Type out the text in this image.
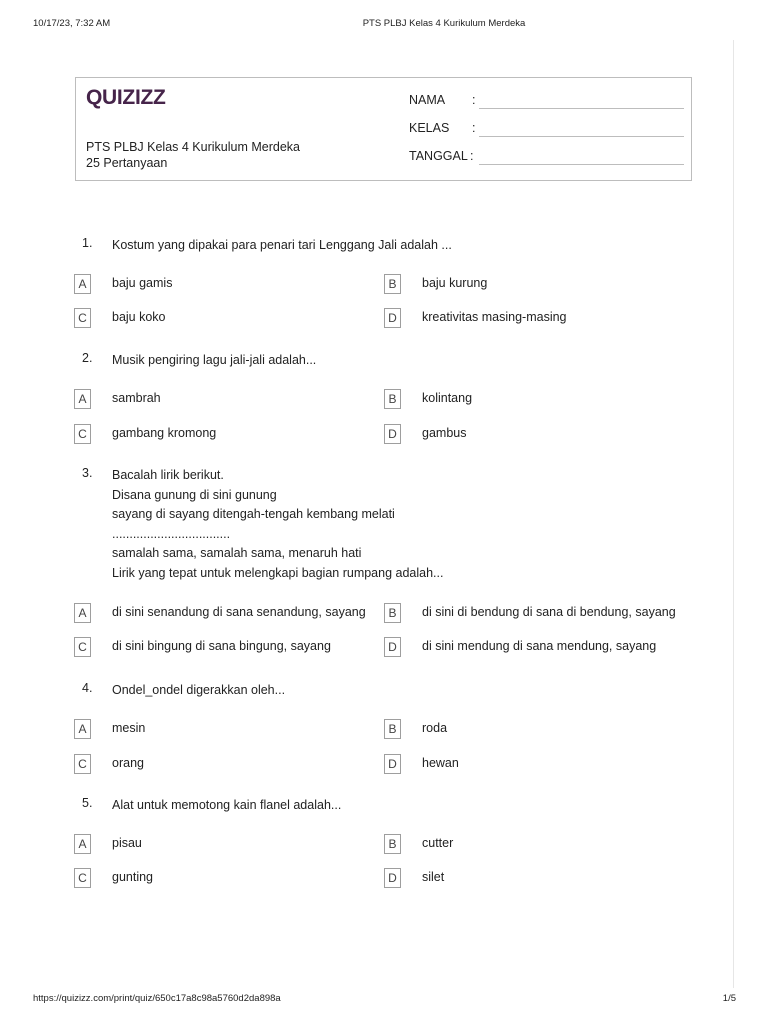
10/17/23, 7:32 AM	PTS PLBJ Kelas 4 Kurikulum Merdeka
QUIZIZZ
PTS PLBJ Kelas 4 Kurikulum Merdeka
25 Pertanyaan
NAMA :
KELAS :
TANGGAL :
1. Kostum yang dipakai para penari tari Lenggang Jali adalah ...
A	baju gamis	B	baju kurung
C	baju koko	D	kreativitas masing-masing
2. Musik pengiring lagu jali-jali adalah...
A	sambrah	B	kolintang
C	gambang kromong	D	gambus
3. Bacalah lirik berikut.
Disana gunung di sini gunung
sayang di sayang ditengah-tengah kembang melati
..................................
samalah sama, samalah sama, menaruh hati
Lirik yang tepat untuk melengkapi bagian rumpang adalah...
A	di sini senandung di sana senandung, sayang	B	di sini di bendung di sana di bendung, sayang
C	di sini bingung di sana bingung, sayang	D	di sini mendung di sana mendung, sayang
4. Ondel_ondel digerakkan oleh...
A	mesin	B	roda
C	orang	D	hewan
5. Alat untuk memotong kain flanel adalah...
A	pisau	B	cutter
C	gunting	D	silet
https://quizizz.com/print/quiz/650c17a8c98a5760d2da898a	1/5
